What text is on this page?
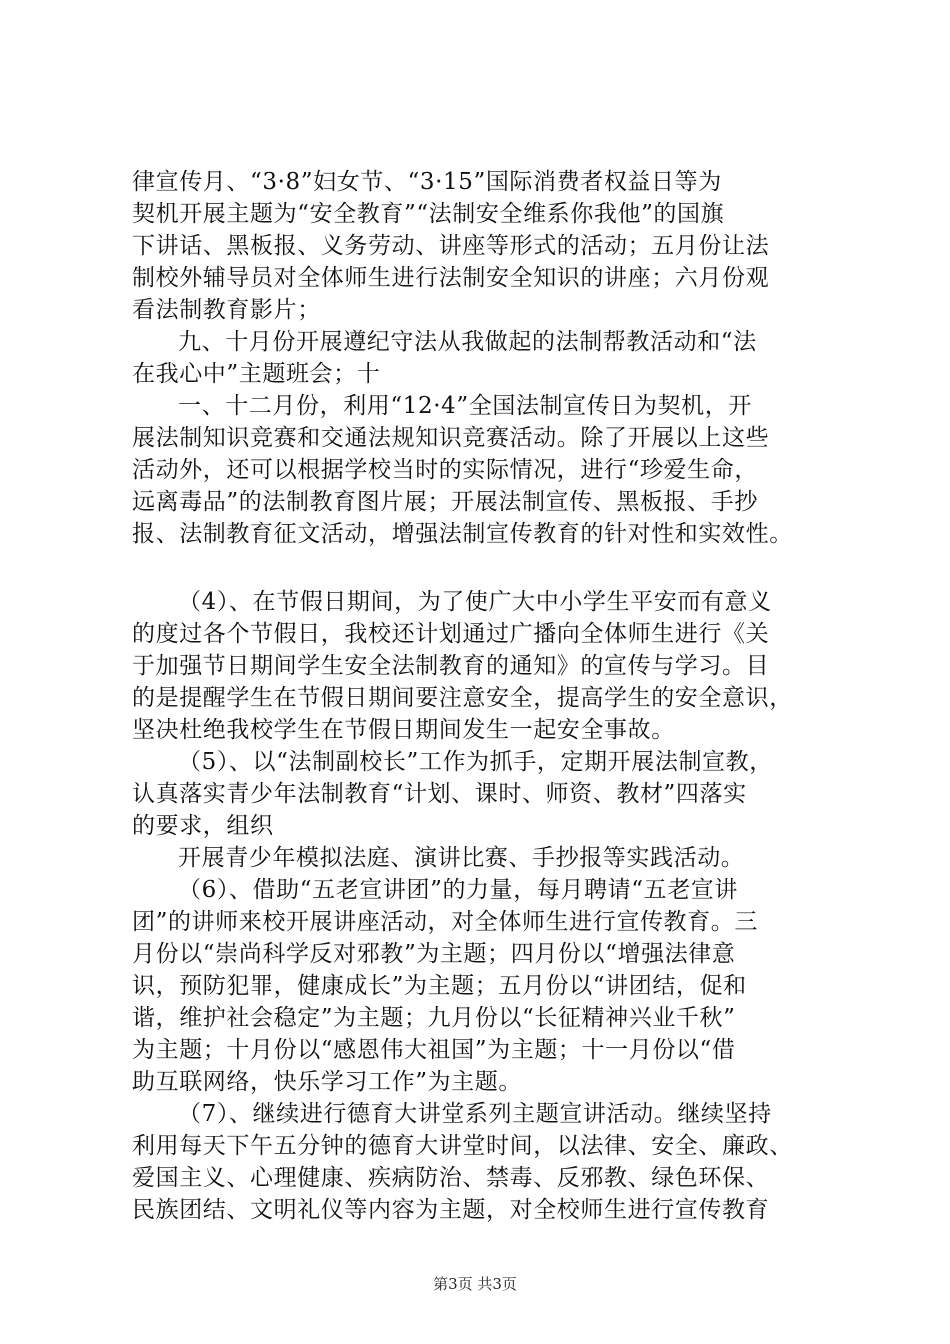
律宣传月、“3·8”妇女节、“3·15”国际消费者权益日等为
契机开展主题为“安全教育”“法制安全维系你我他”的国旗
下讲话、黑板报、义务劳动、讲座等形式的活动；五月份让法
制校外辅导员对全体师生进行法制安全知识的讲座；六月份观
看法制教育影片；
九、十月份开展遵纪守法从我做起的法制帮教活动和“法
在我心中”主题班会；十
一、十二月份，利用“12·4”全国法制宣传日为契机，开
展法制知识竞赛和交通法规知识竞赛活动。除了开展以上这些
活动外，还可以根据学校当时的实际情况，进行“珍爱生命，
远离毒品”的法制教育图片展；开展法制宣传、黑板报、手抄
报、法制教育征文活动，增强法制宣传教育的针对性和实效性。
（4）、在节假日期间，为了使广大中小学生平安而有意义
的度过各个节假日，我校还计划通过广播向全体师生进行《关
于加强节日期间学生安全法制教育的通知》的宣传与学习。目
的是提醒学生在节假日期间要注意安全，提高学生的安全意识，
坚决杜绝我校学生在节假日期间发生一起安全事故。
（5）、以“法制副校长”工作为抓手，定期开展法制宣教，
认真落实青少年法制教育“计划、课时、师资、教材”四落实
的要求，组织
开展青少年模拟法庭、演讲比赛、手抄报等实践活动。
（6）、借助“五老宣讲团”的力量，每月聘请“五老宣讲
团”的讲师来校开展讲座活动，对全体师生进行宣传教育。三
月份以“崇尚科学反对邪教”为主题；四月份以“增强法律意
识，预防犯罪，健康成长”为主题；五月份以“讲团结，促和
谐，维护社会稳定”为主题；九月份以“长征精神兴业千秋”
为主题；十月份以“感恩伟大祖国”为主题；十一月份以“借
助互联网络，快乐学习工作”为主题。
（7）、继续进行德育大讲堂系列主题宣讲活动。继续坚持
利用每天下午五分钟的德育大讲堂时间，以法律、安全、廉政、
爱国主义、心理健康、疾病防治、禁毒、反邪教、绿色环保、
民族团结、文明礼仪等内容为主题，对全校师生进行宣传教育
第3页 共3页
